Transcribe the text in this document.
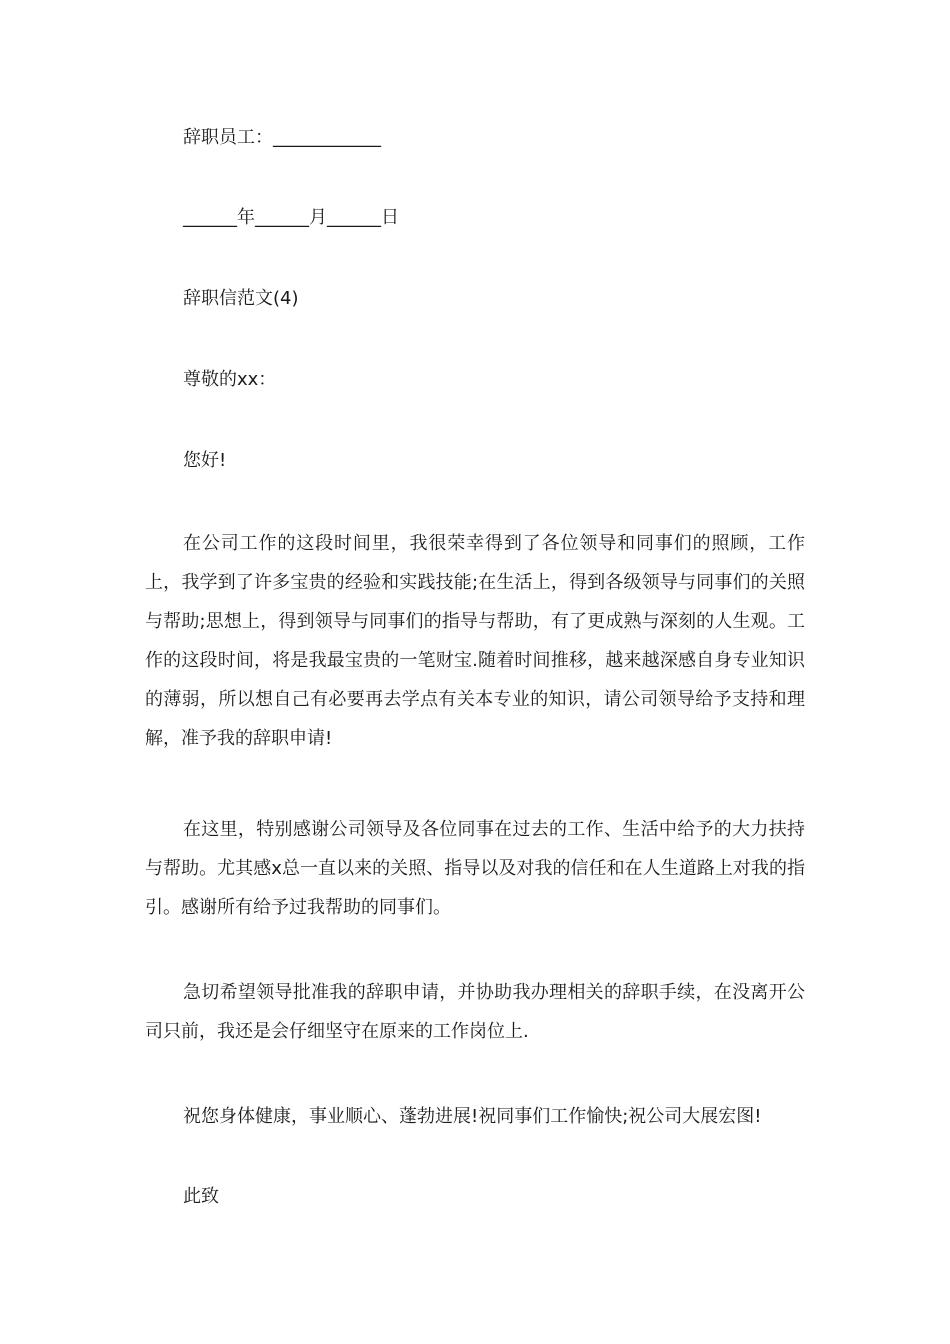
辞职员工：____________
______年______月______日
辞职信范文(4)
尊敬的xx：
您好!
在公司工作的这段时间里，我很荣幸得到了各位领导和同事们的照顾，工作上，我学到了许多宝贵的经验和实践技能;在生活上，得到各级领导与同事们的关照与帮助;思想上，得到领导与同事们的指导与帮助，有了更成熟与深刻的人生观。工作的这段时间，将是我最宝贵的一笔财宝.随着时间推移，越来越深感自身专业知识的薄弱，所以想自己有必要再去学点有关本专业的知识，请公司领导给予支持和理解，准予我的辞职申请!
在这里，特别感谢公司领导及各位同事在过去的工作、生活中给予的大力扶持与帮助。尤其感x总一直以来的关照、指导以及对我的信任和在人生道路上对我的指引。感谢所有给予过我帮助的同事们。
急切希望领导批准我的辞职申请，并协助我办理相关的辞职手续，在没离开公司只前，我还是会仔细坚守在原来的工作岗位上.
祝您身体健康，事业顺心、蓬勃进展!祝同事们工作愉快;祝公司大展宏图!
此致
